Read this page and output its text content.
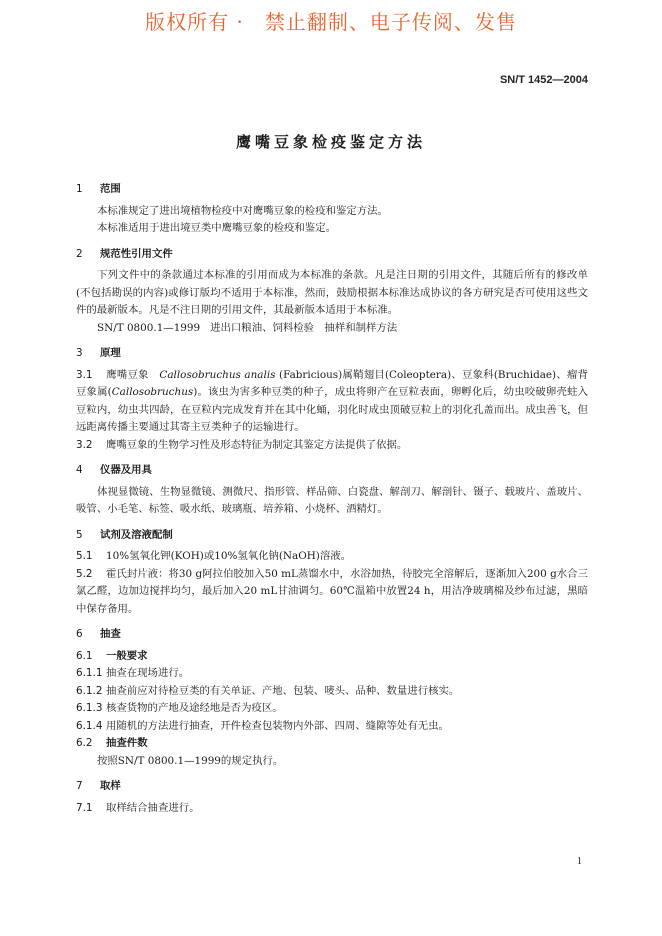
版权所有 ·　禁止翻制、电子传阅、发售
SN/T 1452—2004
鹰嘴豆象检疫鉴定方法

1 范围

本标准规定了进出境植物检疫中对鹰嘴豆象的检疫和鉴定方法。

本标准适用于进出境豆类中鹰嘴豆象的检疫和鉴定。

2 规范性引用文件

下列文件中的条款通过本标准的引用而成为本标准的条款。凡是注日期的引用文件，其随后所有的修改单(不包括勘误的内容)或修订版均不适用于本标准，然而，鼓励根据本标准达成协议的各方研究是否可使用这些文件的最新版本。凡是不注日期的引用文件，其最新版本适用于本标准。

SN/T 0800.1—1999 进出口粮油、饲料检验　抽样和制样方法

3 原理

3.1 鹰嘴豆象　Callosobruchus analis (Fabricious)属鞘翅目(Coleoptera)、豆象科(Bruchidae)、瘤背豆象属(Callosobruchus)。该虫为害多种豆类的种子，成虫将卵产在豆粒表面，卵孵化后，幼虫咬破卵壳蛀入豆粒内，幼虫共四龄，在豆粒内完成发育并在其中化蛹，羽化时成虫顶破豆粒上的羽化孔盖而出。成虫善飞，但远距离传播主要通过其寄主豆类种子的运输进行。

3.2 鹰嘴豆象的生物学习性及形态特征为制定其鉴定方法提供了依据。

4 仪器及用具

体视显微镜、生物显微镜、测微尺、指形管、样品筛、白瓷盘、解剖刀、解剖针、镊子、载玻片、盖玻片、吸管、小毛笔、标签、吸水纸、玻璃瓶、培养箱、小烧杯、酒精灯。

5 试剂及溶液配制

5.1 10%氢氧化钾(KOH)或10%氢氧化钠(NaOH)溶液。

5.2 霍氏封片液：将30 g阿拉伯胶加入50 mL蒸馏水中，水浴加热，待胶完全溶解后，逐渐加入200 g水合三氯乙醛，边加边搅拌均匀，最后加入20 mL甘油调匀。60℃温箱中放置24 h，用洁净玻璃棉及纱布过滤，黑暗中保存备用。

6 抽查

6.1 一般要求

6.1.1 抽查在现场进行。

6.1.2 抽查前应对待检豆类的有关单证、产地、包装、唛头、品种、数量进行核实。

6.1.3 核查货物的产地及途经地是否为疫区。

6.1.4 用随机的方法进行抽查，开件检查包装物内外部、四周、缝隙等处有无虫。

6.2 抽查件数

按照SN/T 0800.1—1999的规定执行。

7 取样

7.1 取样结合抽查进行。

1
